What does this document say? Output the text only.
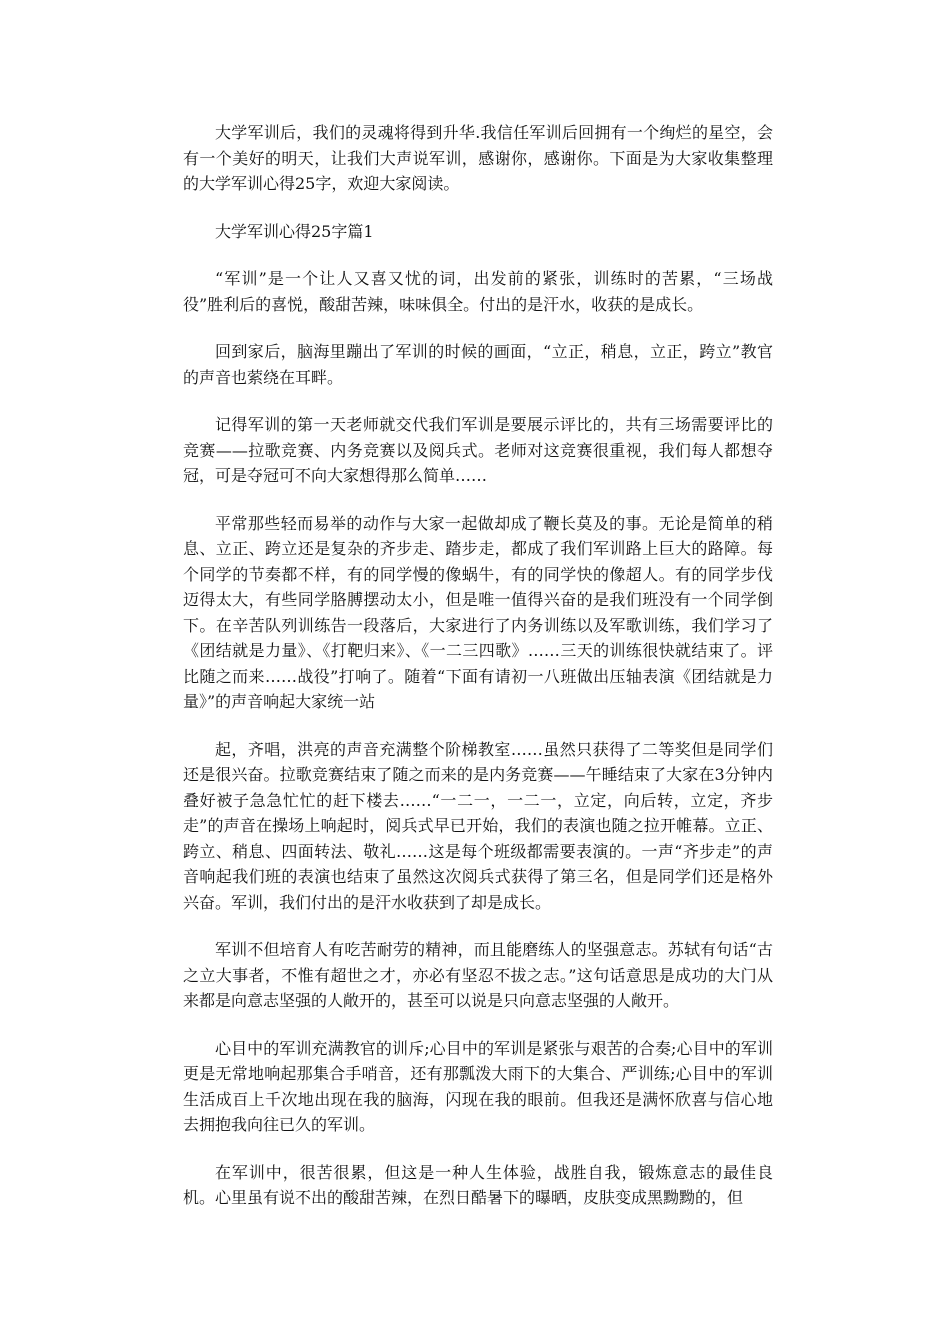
大学军训后，我们的灵魂将得到升华.我信任军训后回拥有一个绚烂的星空，会有一个美好的明天，让我们大声说军训，感谢你，感谢你。下面是为大家收集整理的大学军训心得25字，欢迎大家阅读。

大学军训心得25字篇1

“军训”是一个让人又喜又忧的词，出发前的紧张，训练时的苦累，“三场战役”胜利后的喜悦，酸甜苦辣，味味俱全。付出的是汗水，收获的是成长。

回到家后，脑海里蹦出了军训的时候的画面，“立正，稍息，立正，跨立”教官的声音也萦绕在耳畔。

记得军训的第一天老师就交代我们军训是要展示评比的，共有三场需要评比的竞赛——拉歌竞赛、内务竞赛以及阅兵式。老师对这竞赛很重视，我们每人都想夺冠，可是夺冠可不向大家想得那么简单……

平常那些轻而易举的动作与大家一起做却成了鞭长莫及的事。无论是简单的稍息、立正、跨立还是复杂的齐步走、踏步走，都成了我们军训路上巨大的路障。每个同学的节奏都不样，有的同学慢的像蜗牛，有的同学快的像超人。有的同学步伐迈得太大，有些同学胳膊摆动太小，但是唯一值得兴奋的是我们班没有一个同学倒下。在辛苦队列训练告一段落后，大家进行了内务训练以及军歌训练，我们学习了《团结就是力量》、《打靶归来》、《一二三四歌》……三天的训练很快就结束了。评比随之而来……战役”打响了。随着“下面有请初一八班做出压轴表演《团结就是力量》”的声音响起大家统一站

起，齐唱，洪亮的声音充满整个阶梯教室……虽然只获得了二等奖但是同学们还是很兴奋。拉歌竞赛结束了随之而来的是内务竞赛——午睡结束了大家在3分钟内叠好被子急急忙忙的赶下楼去……“一二一，一二一，立定，向后转，立定，齐步走”的声音在操场上响起时，阅兵式早已开始，我们的表演也随之拉开帷幕。立正、跨立、稍息、四面转法、敬礼……这是每个班级都需要表演的。一声“齐步走”的声音响起我们班的表演也结束了虽然这次阅兵式获得了第三名，但是同学们还是格外兴奋。军训，我们付出的是汗水收获到了却是成长。

军训不但培育人有吃苦耐劳的精神，而且能磨练人的坚强意志。苏轼有句话“古之立大事者，不惟有超世之才，亦必有坚忍不拔之志。”这句话意思是成功的大门从来都是向意志坚强的人敞开的，甚至可以说是只向意志坚强的人敞开。

心目中的军训充满教官的训斥;心目中的军训是紧张与艰苦的合奏;心目中的军训更是无常地响起那集合手哨音，还有那瓢泼大雨下的大集合、严训练;心目中的军训生活成百上千次地出现在我的脑海，闪现在我的眼前。但我还是满怀欣喜与信心地去拥抱我向往已久的军训。

在军训中，很苦很累，但这是一种人生体验，战胜自我，锻炼意志的最佳良机。心里虽有说不出的酸甜苦辣，在烈日酷暑下的曝晒，皮肤变成黑黝黝的，但
